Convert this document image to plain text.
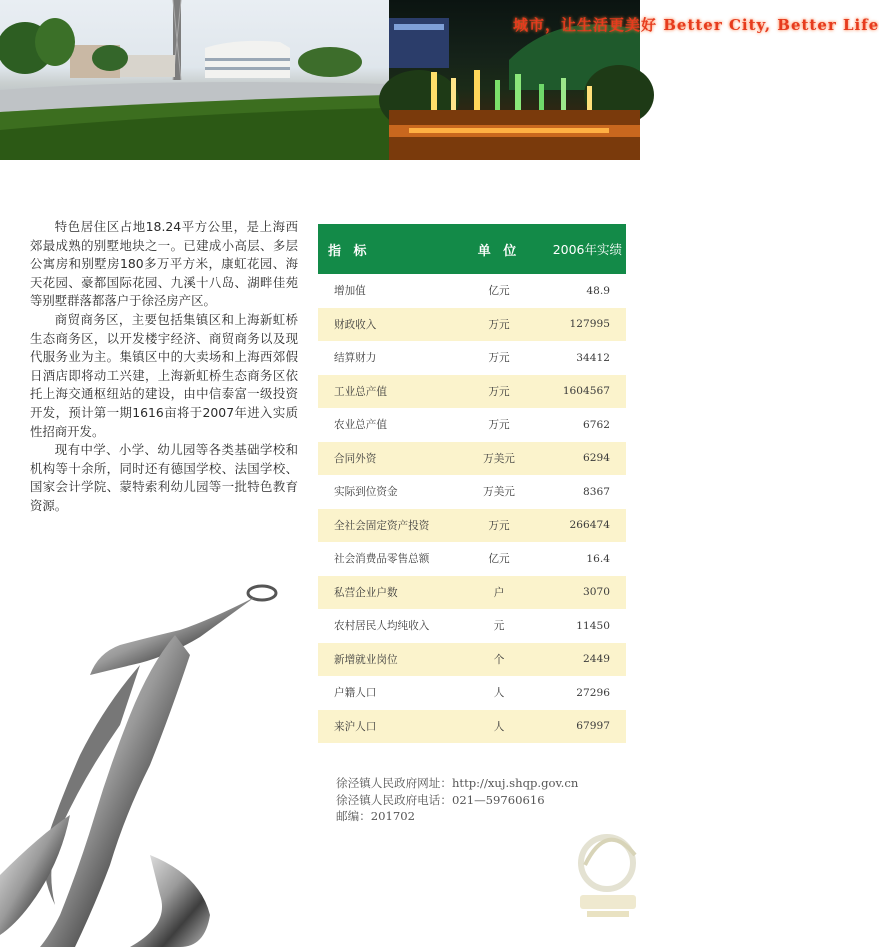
城市，让生活更美好 Better City, Better Life

特色居住区占地18.24平方公里，是上海西郊最成熟的别墅地块之一。已建成小高层、多层公寓房和别墅房180多万平方米，康虹花园、海天花园、豪都国际花园、九溪十八岛、湖畔佳苑等别墅群落都落户于徐泾房产区。

商贸商务区，主要包括集镇区和上海新虹桥生态商务区，以开发楼宇经济、商贸商务以及现代服务业为主。集镇区中的大卖场和上海西郊假日酒店即将动工兴建，上海新虹桥生态商务区依托上海交通枢纽站的建设，由中信泰富一级投资开发，预计第一期1616亩将于2007年进入实质性招商开发。

现有中学、小学、幼儿园等各类基础学校和机构等十余所，同时还有德国学校、法国学校、国家会计学院、蒙特索利幼儿园等一批特色教育资源。

指 标	单 位	2006年实绩
增加值	亿元	48.9
财政收入	万元	127995
结算财力	万元	34412
工业总产值	万元	1604567
农业总产值	万元	6762
合同外资	万美元	6294
实际到位资金	万美元	8367
全社会固定资产投资	万元	266474
社会消费品零售总额	亿元	16.4
私营企业户数	户	3070
农村居民人均纯收入	元	11450
新增就业岗位	个	2449
户籍人口	人	27296
来沪人口	人	67997
徐泾镇人民政府网址：http://xuj.shqp.gov.cn
徐泾镇人民政府电话：021—59760616
邮编：201702
